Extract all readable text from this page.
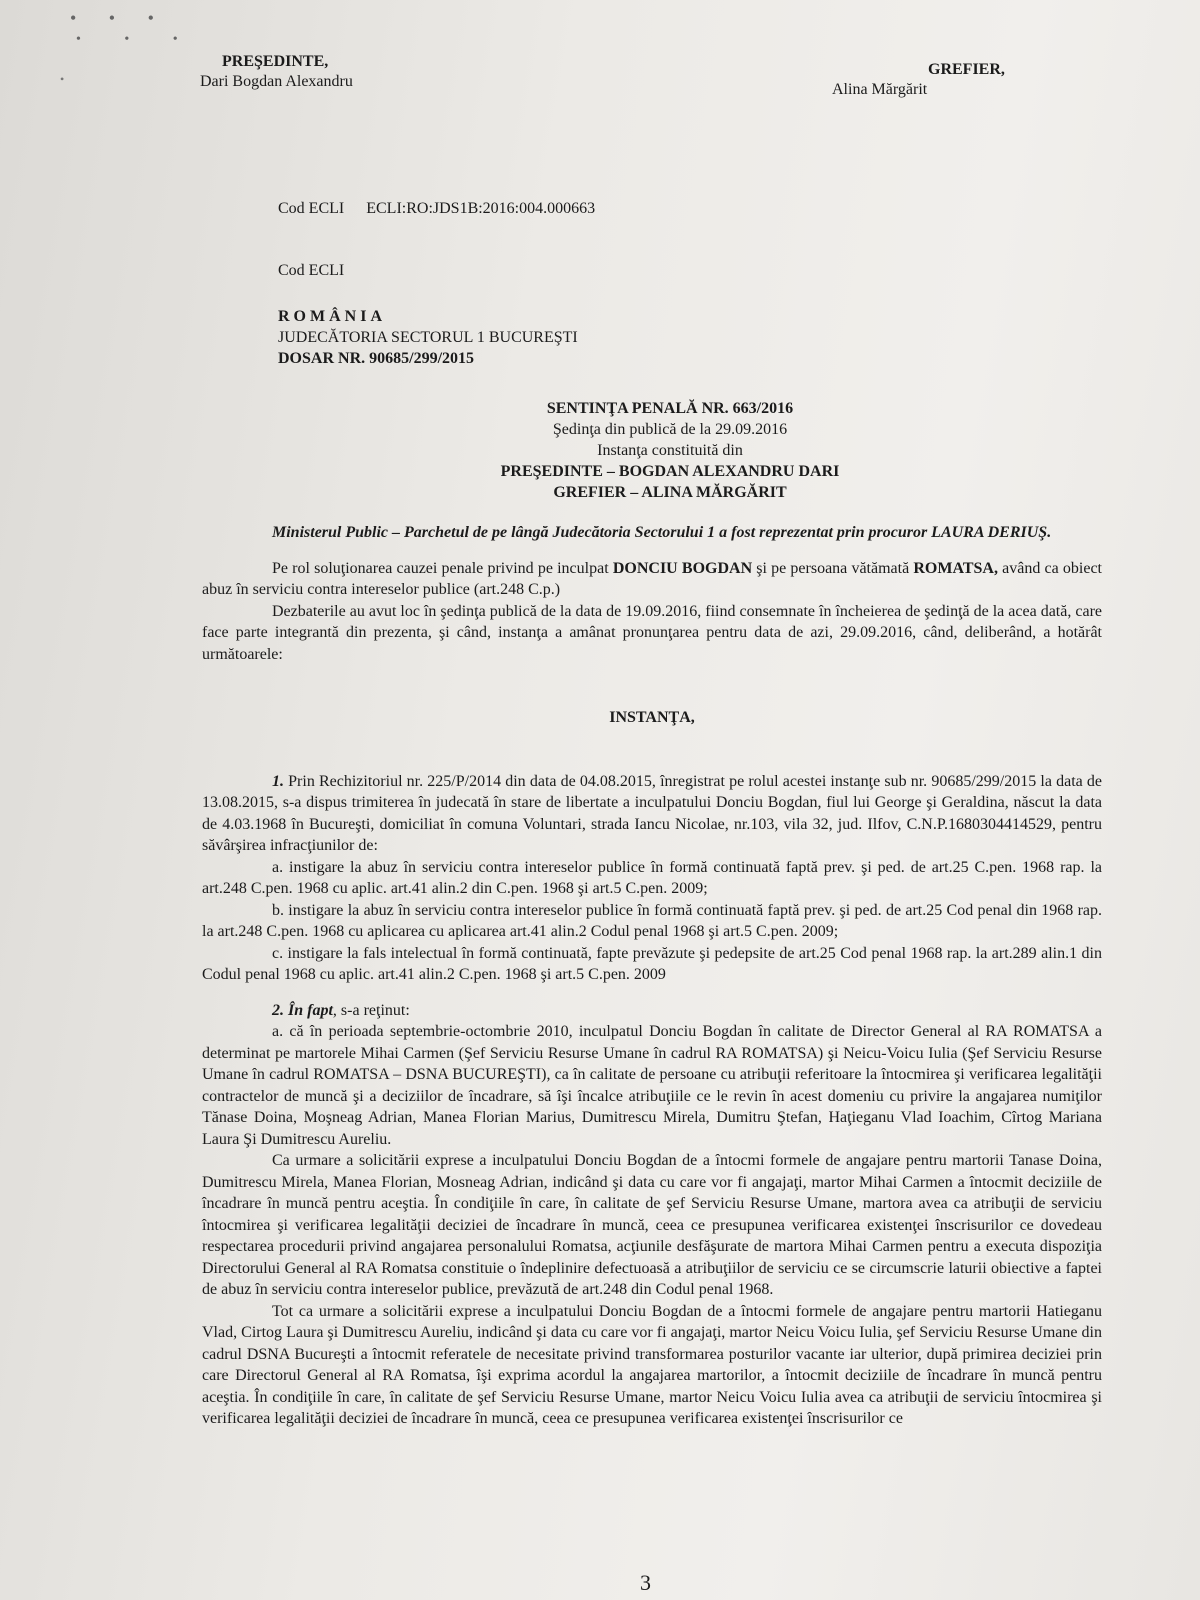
• • •
• • •
•
PREŞEDINTE,
Dari Bogdan Alexandru
GREFIER,
Alina Mărgărit
Cod ECLI ECLI:RO:JDS1B:2016:004.000663
Cod ECLI
ROMÂNIA
JUDECĂTORIA SECTORUL 1 BUCUREŞTI
DOSAR NR. 90685/299/2015
SENTINŢA PENALĂ NR. 663/2016
Şedinţa din publică de la 29.09.2016
Instanţa constituită din
PREŞEDINTE – BOGDAN ALEXANDRU DARI
GREFIER – ALINA MĂRGĂRIT

Ministerul Public – Parchetul de pe lângă Judecătoria Sectorului 1 a fost reprezentat prin procuror LAURA DERIUŞ.

Pe rol soluţionarea cauzei penale privind pe inculpat DONCIU BOGDAN şi pe persoana vătămată ROMATSA, având ca obiect abuz în serviciu contra intereselor publice (art.248 C.p.)

Dezbaterile au avut loc în şedinţa publică de la data de 19.09.2016, fiind consemnate în încheierea de şedinţă de la acea dată, care face parte integrantă din prezenta, şi când, instanţa a amânat pronunţarea pentru data de azi, 29.09.2016, când, deliberând, a hotărât următoarele:

INSTANŢA,

1. Prin Rechizitoriul nr. 225/P/2014 din data de 04.08.2015, înregistrat pe rolul acestei instanţe sub nr. 90685/299/2015 la data de 13.08.2015, s-a dispus trimiterea în judecată în stare de libertate a inculpatului Donciu Bogdan, fiul lui George şi Geraldina, născut la data de 4.03.1968 în Bucureşti, domiciliat în comuna Voluntari, strada Iancu Nicolae, nr.103, vila 32, jud. Ilfov, C.N.P.1680304414529, pentru săvârşirea infracţiunilor de:

a. instigare la abuz în serviciu contra intereselor publice în formă continuată faptă prev. şi ped. de art.25 C.pen. 1968 rap. la art.248 C.pen. 1968 cu aplic. art.41 alin.2 din C.pen. 1968 şi art.5 C.pen. 2009;

b. instigare la abuz în serviciu contra intereselor publice în formă continuată faptă prev. şi ped. de art.25 Cod penal din 1968 rap. la art.248 C.pen. 1968 cu aplicarea cu aplicarea art.41 alin.2 Codul penal 1968 şi art.5 C.pen. 2009;

c. instigare la fals intelectual în formă continuată, fapte prevăzute şi pedepsite de art.25 Cod penal 1968 rap. la art.289 alin.1 din Codul penal 1968 cu aplic. art.41 alin.2 C.pen. 1968 şi art.5 C.pen. 2009

2. În fapt, s-a reţinut:

a. că în perioada septembrie-octombrie 2010, inculpatul Donciu Bogdan în calitate de Director General al RA ROMATSA a determinat pe martorele Mihai Carmen (Şef Serviciu Resurse Umane în cadrul RA ROMATSA) şi Neicu-Voicu Iulia (Şef Serviciu Resurse Umane în cadrul ROMATSA – DSNA BUCUREŞTI), ca în calitate de persoane cu atribuţii referitoare la întocmirea şi verificarea legalităţii contractelor de muncă şi a deciziilor de încadrare, să îşi încalce atribuţiile ce le revin în acest domeniu cu privire la angajarea numiţilor Tănase Doina, Moşneag Adrian, Manea Florian Marius, Dumitrescu Mirela, Dumitru Ştefan, Haţieganu Vlad Ioachim, Cîrtog Mariana Laura Şi Dumitrescu Aureliu.

Ca urmare a solicitării exprese a inculpatului Donciu Bogdan de a întocmi formele de angajare pentru martorii Tanase Doina, Dumitrescu Mirela, Manea Florian, Mosneag Adrian, indicând şi data cu care vor fi angajaţi, martor Mihai Carmen a întocmit deciziile de încadrare în muncă pentru aceştia. În condiţiile în care, în calitate de şef Serviciu Resurse Umane, martora avea ca atribuţii de serviciu întocmirea şi verificarea legalităţii deciziei de încadrare în muncă, ceea ce presupunea verificarea existenţei înscrisurilor ce dovedeau respectarea procedurii privind angajarea personalului Romatsa, acţiunile desfăşurate de martora Mihai Carmen pentru a executa dispoziţia Directorului General al RA Romatsa constituie o îndeplinire defectuoasă a atribuţiilor de serviciu ce se circumscrie laturii obiective a faptei de abuz în serviciu contra intereselor publice, prevăzută de art.248 din Codul penal 1968.

Tot ca urmare a solicitării exprese a inculpatului Donciu Bogdan de a întocmi formele de angajare pentru martorii Hatieganu Vlad, Cirtog Laura şi Dumitrescu Aureliu, indicând şi data cu care vor fi angajaţi, martor Neicu Voicu Iulia, şef Serviciu Resurse Umane din cadrul DSNA Bucureşti a întocmit referatele de necesitate privind transformarea posturilor vacante iar ulterior, după primirea deciziei prin care Directorul General al RA Romatsa, îşi exprima acordul la angajarea martorilor, a întocmit deciziile de încadrare în muncă pentru aceştia. În condiţiile în care, în calitate de şef Serviciu Resurse Umane, martor Neicu Voicu Iulia avea ca atribuţii de serviciu întocmirea şi verificarea legalităţii deciziei de încadrare în muncă, ceea ce presupunea verificarea existenţei înscrisurilor ce

3
